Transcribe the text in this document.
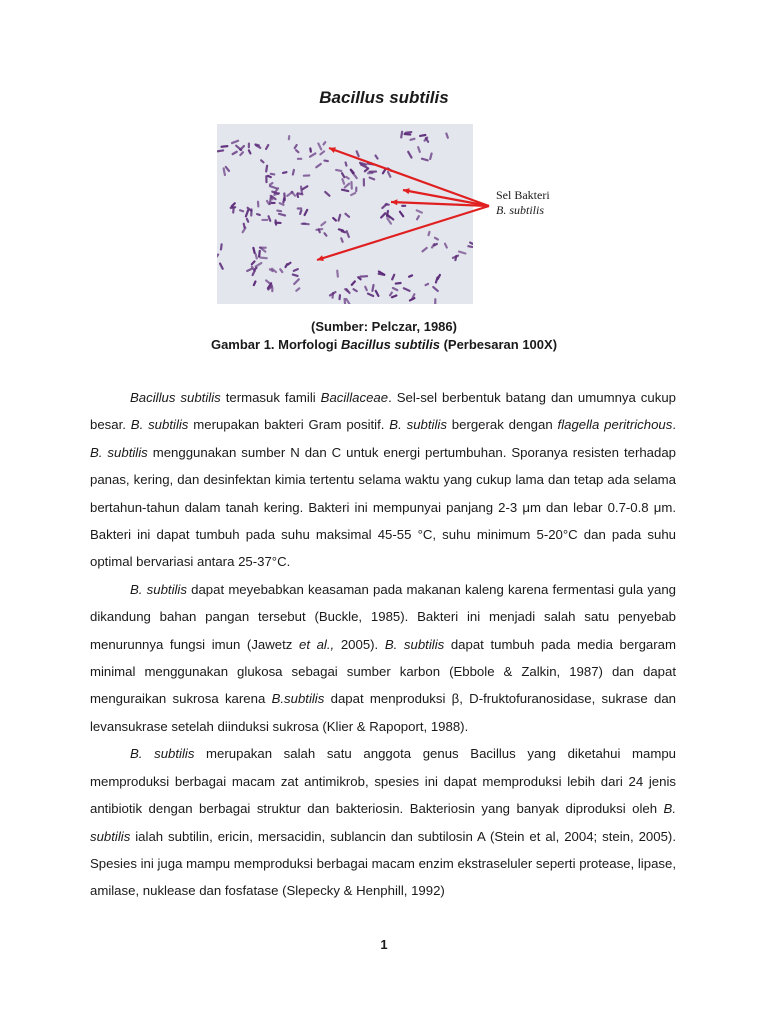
Bacillus subtilis
Sel Bakteri
B. subtilis
(Sumber: Pelczar, 1986)
Gambar 1. Morfologi Bacillus subtilis (Perbesaran 100X)

Bacillus subtilis termasuk famili Bacillaceae. Sel-sel berbentuk batang dan umumnya cukup besar. B. subtilis merupakan bakteri Gram positif. B. subtilis bergerak dengan flagella peritrichous. B. subtilis menggunakan sumber N dan C untuk energi pertumbuhan. Sporanya resisten terhadap panas, kering, dan desinfektan kimia tertentu selama waktu yang cukup lama dan tetap ada selama bertahun-tahun dalam tanah kering. Bakteri ini mempunyai panjang 2-3 μm dan lebar 0.7-0.8 μm. Bakteri ini dapat tumbuh pada suhu maksimal 45-55 °C, suhu minimum 5-20°C dan pada suhu optimal bervariasi antara 25-37°C.

B. subtilis dapat meyebabkan keasaman pada makanan kaleng karena fermentasi gula yang dikandung bahan pangan tersebut (Buckle, 1985). Bakteri ini menjadi salah satu penyebab menurunnya fungsi imun (Jawetz et al., 2005). B. subtilis dapat tumbuh pada media bergaram minimal menggunakan glukosa sebagai sumber karbon (Ebbole & Zalkin, 1987) dan dapat menguraikan sukrosa karena B.subtilis dapat menproduksi β, D-fruktofuranosidase, sukrase dan levansukrase setelah diinduksi sukrosa (Klier & Rapoport, 1988).

B. subtilis merupakan salah satu anggota genus Bacillus yang diketahui mampu memproduksi berbagai macam zat antimikrob, spesies ini dapat memproduksi lebih dari 24 jenis antibiotik dengan berbagai struktur dan bakteriosin. Bakteriosin yang banyak diproduksi oleh B. subtilis ialah subtilin, ericin, mersacidin, sublancin dan subtilosin A (Stein et al, 2004; stein, 2005). Spesies ini juga mampu memproduksi berbagai macam enzim ekstraseluler seperti protease, lipase, amilase, nuklease dan fosfatase (Slepecky & Henphill, 1992)

1
